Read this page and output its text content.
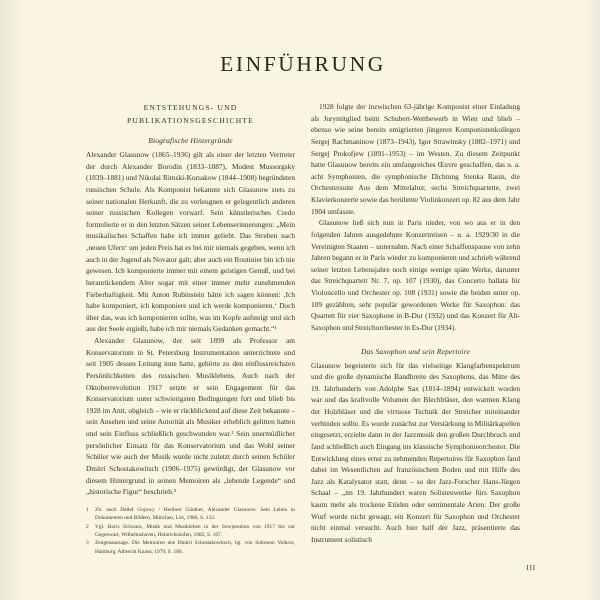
EINFÜHRUNG
ENTSTEHUNGS- UND
PUBLIKATIONSGESCHICHTE
Biografische Hintergründe

Alexander Glasunow (1865–1936) gilt als einer der letzten Vertreter der durch Alexander Borodin (1833–1887), Modest Mussorgsky (1839–1881) und Nikolai Rimski-Korsakow (1844–1908) begründeten russischen Schule. Als Komponist bekannte sich Glasunow stets zu seiner nationalen Herkunft, die zu verleugnen er gelegentlich anderen seiner russischen Kollegen vorwarf. Sein künstlerisches Credo formulierte er in den letzten Sätzen seiner Lebenserinnerungen: „Mein musikalisches Schaffen habe ich immer geliebt. Das Streben nach ‚neuen Ufern‘ um jeden Preis hat es bei mir niemals gegeben, wenn ich auch in der Jugend als Novator galt; aber auch ein Routinier bin ich nie gewesen. Ich komponierte immer mit einem geistigen Genuß, und bei heranrückendem Alter sogar mit einer immer mehr zunehmenden Fieberhaftigkeit. Mit Anton Rubinstein hätte ich sagen können: ,Ich habe komponiert, ich komponiere und ich werde komponieren.‘ Doch über das, was ich komponieren sollte, was im Kopfe aufsteigt und sich aus der Seele ergießt, habe ich mir niemals Gedanken gemacht.“¹

Alexander Glasunow, der seit 1899 als Professor am Konservatorium in St. Petersburg Instrumentation unterrichtete und seit 1905 dessen Leitung inne hatte, gehörte zu den einflussreichsten Persönlichkeiten des russischen Musiklebens. Auch nach der Oktoberrevolution 1917 setzte er sein Engagement für das Konservatorium unter schwierigsten Bedingungen fort und blieb bis 1928 im Amt, obgleich – wie er rückblickend auf diese Zeit bekannte – sein Ansehen und seine Autorität als Musiker erheblich gelitten hatten und sein Einfluss schließlich geschwunden war.² Sein unermüdlicher persönlicher Einsatz für das Konservatorium und das Wohl seiner Schüler wie auch der Musik wurde nicht zuletzt durch seinen Schüler Dmitri Schostakowitsch (1906–1975) gewürdigt, der Glasunow vor diesem Hintergrund in seinen Memoiren als „lebende Legende“ und „historische Figur“ beschrieb.³

1	Zit. nach Detlef Gojowy / Heribert Günther, Alexander Glasunow. Sein Leben in Dokumenten und Bildern, München, List, 1986, S. 132.
2	Vgl. Boris Schwarz, Musik und Musikleben in der Sowjetunion von 1917 bis zur Gegenwart, Wilhelmshaven, Heinrichshofen, 1982, S. 167.
3	Zeugenaussage. Die Memoiren des Dmitri Schostakowitsch, hg. von Solomon Volkow, Hamburg, Albrecht Knaus, 1979, S. 186.

1928 folgte der inzwischen 63-jährige Komponist einer Einladung als Jurymitglied beim Schubert-Wettbewerb in Wien und blieb – ebenso wie seine bereits emigrierten jüngeren Komponistenkollegen Sergej Rachmaninow (1873–1943), Igor Strawinsky (1882–1971) und Sergej Prokofjew (1891–1953) – im Westen. Zu diesem Zeitpunkt hatte Glasunow bereits ein umfangreiches Œuvre geschaffen, das u. a. acht Symphonien, die symphonische Dichtung Stenka Rasin, die Orchestersuite Aus dem Mittelalter, sechs Streichquartette, zwei Klavierkonzerte sowie das berühmte Violinkonzert op. 82 aus dem Jahr 1904 umfasste.

Glasunow ließ sich nun in Paris nieder, von wo aus er in den folgenden Jahren ausgedehnte Konzertreisen – u. a. 1929/30 in die Vereinigten Staaten – unternahm. Nach einer Schaffenspause von zehn Jahren begann er in Paris wieder zu komponieren und schrieb während seiner letzten Lebensjahre noch einige wenige späte Werke, darunter das Streichquartett Nr. 7, op. 107 (1930), das Concerto ballata für Violoncello und Orchester op. 108 (1931) sowie die beiden unter op. 109 gezählten, sehr populär gewordenen Werke für Saxophon: das Quartett für vier Saxophone in B-Dur (1932) und das Konzert für Alt-Saxophon und Streichorchester in Es-Dur (1934).

Das Saxophon und sein Repertoire

Glasunow begeisterte sich für das vielseitige Klangfarbenspektrum und die große dynamische Bandbreite des Saxophons, das Mitte des 19. Jahrhunderts von Adolphe Sax (1814–1894) entwickelt worden war und das kraftvolle Volumen der Blechbläser, den warmen Klang der Holzbläser und die virtuose Technik der Streicher miteinander verbinden sollte. Es wurde zunächst zur Verstärkung in Militärkapellen eingesetzt, erzielte dann in der Jazzmusik den großen Durchbruch und fand schließlich auch Eingang ins klassische Symphonieorchester. Die Entwicklung eines ernst zu nehmenden Repertoires für Saxophon fand dabei im Wesentlichen auf französischem Boden und mit Hilfe des Jazz als Katalysator statt, denn – so der Jazz-Forscher Hans-Jürgen Schaal – „im 19. Jahrhundert waren Solistenwerke fürs Saxophon kaum mehr als trockene Etüden oder sentimentale Arien: Der große Wurf wurde nicht gewagt, ein Konzert für Saxophon und Orchester nicht einmal versucht. Auch hier half der Jazz, präsentierte das Instrument solistisch

III
